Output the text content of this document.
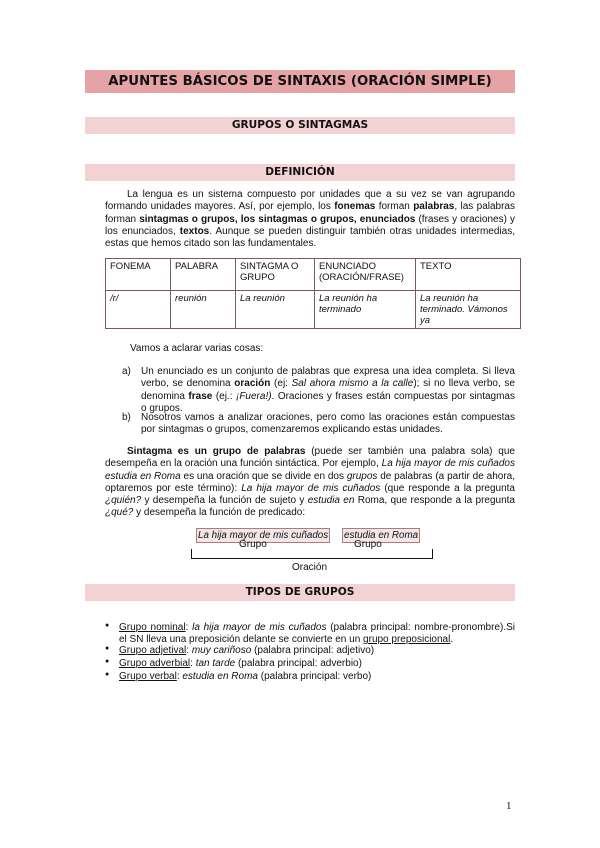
APUNTES BÁSICOS DE SINTAXIS (ORACIÓN SIMPLE)
GRUPOS O SINTAGMAS
DEFINICIÓN
La lengua es un sistema compuesto por unidades que a su vez se van agrupando formando unidades mayores. Así, por ejemplo, los fonemas forman palabras, las palabras forman sintagmas o grupos, los sintagmas o grupos, enunciados (frases y oraciones) y los enunciados, textos. Aunque se pueden distinguir también otras unidades intermedias, estas que hemos citado son las fundamentales.
FONEMA	PALABRA	SINTAGMA O GRUPO	ENUNCIADO (ORACIÓN/FRASE)	TEXTO
/r/	reunión	La reunión	La reunión ha terminado	La reunión ha terminado. Vámonos ya
Vamos a aclarar varias cosas:
a) Un enunciado es un conjunto de palabras que expresa una idea completa. Si lleva verbo, se denomina oración (ej: Sal ahora mismo a la calle); si no lleva verbo, se denomina frase (ej.: ¡Fuera!). Oraciones y frases están compuestas por sintagmas o grupos.
b) Nosotros vamos a analizar oraciones, pero como las oraciones están compuestas por sintagmas o grupos, comenzaremos explicando estas unidades.
Sintagma es un grupo de palabras (puede ser también una palabra sola) que desempeña en la oración una función sintáctica. Por ejemplo, La hija mayor de mis cuñados estudia en Roma es una oración que se divide en dos grupos de palabras (a partir de ahora, optaremos por este término): La hija mayor de mis cuñados (que responde a la pregunta ¿quién? y desempeña la función de sujeto y estudia en Roma, que responde a la pregunta ¿qué? y desempeña la función de predicado:
La hija mayor de mis cuñados estudia en Roma
Grupo	Grupo
Oración
TIPOS DE GRUPOS
● Grupo nominal: la hija mayor de mis cuñados (palabra principal: nombre-pronombre).Si el SN lleva una preposición delante se convierte en un grupo preposicional.
● Grupo adjetival: muy cariñoso (palabra principal: adjetivo)
● Grupo adverbial: tan tarde (palabra principal: adverbio)
● Grupo verbal: estudia en Roma (palabra principal: verbo)
1
